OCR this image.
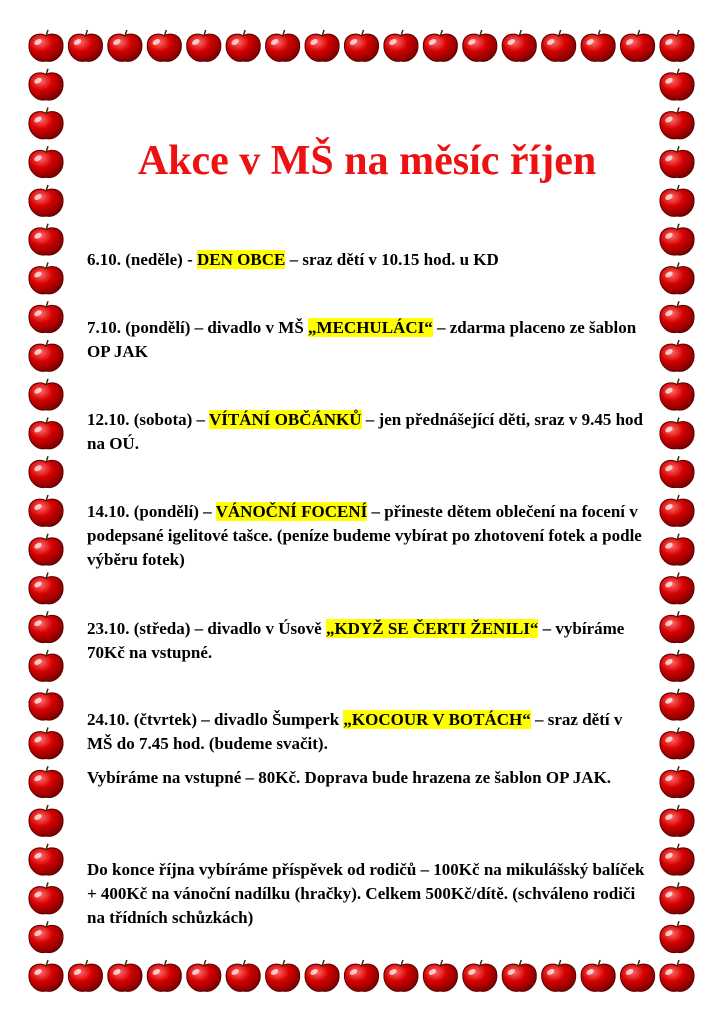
Akce v MŠ na měsíc říjen

6.10. (neděle) - DEN OBCE – sraz dětí v 10.15 hod. u KD

7.10. (pondělí) – divadlo v MŠ „MECHULÁCI“ – zdarma placeno ze šablon OP JAK

12.10. (sobota) – VÍTÁNÍ OBČÁNKŮ – jen přednášející děti, sraz v 9.45 hod na OÚ.

14.10. (pondělí) – VÁNOČNÍ FOCENÍ – přineste dětem oblečení na focení v podepsané igelitové tašce. (peníze budeme vybírat po zhotovení fotek a podle výběru fotek)

23.10. (středa) – divadlo v Úsově „KDYŽ SE ČERTI ŽENILI“ – vybíráme 70Kč na vstupné.

24.10. (čtvrtek) – divadlo Šumperk „KOCOUR V BOTÁCH“ – sraz dětí v MŠ do 7.45 hod. (budeme svačit).

Vybíráme na vstupné – 80Kč. Doprava bude hrazena ze šablon OP JAK.

Do konce října vybíráme příspěvek od rodičů – 100Kč na mikulášský balíček + 400Kč na vánoční nadílku (hračky). Celkem 500Kč/dítě. (schváleno rodiči na třídních schůzkách)
